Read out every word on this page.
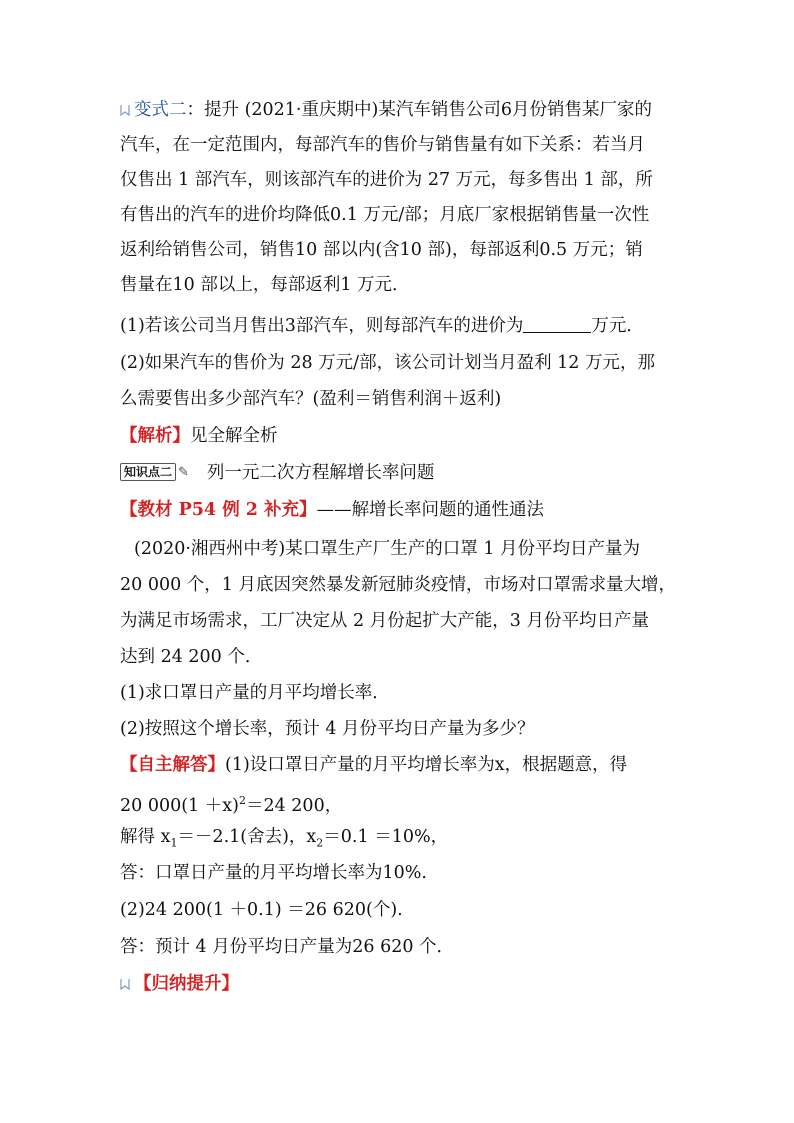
变式二：提升 (2021·重庆期中)某汽车销售公司6月份销售某厂家的
汽车，在一定范围内，每部汽车的售价与销售量有如下关系：若当月
仅售出 1 部汽车，则该部汽车的进价为 27 万元，每多售出 1 部，所
有售出的汽车的进价均降低0.1 万元/部；月底厂家根据销售量一次性
返利给销售公司，销售10 部以内(含10 部)，每部返利0.5 万元；销
售量在10 部以上，每部返利1 万元．
(1)若该公司当月售出3部汽车，则每部汽车的进价为	万元．
(2)如果汽车的售价为 28 万元/部，该公司计划当月盈利 12 万元，那
么需要售出多少部汽车？(盈利＝销售利润＋返利)
【解析】见全解全析
知识点二 ✎ 列一元二次方程解增长率问题
【教材 P54 例 2 补充】——解增长率问题的通性通法
(2020·湘西州中考)某口罩生产厂生产的口罩 1 月份平均日产量为
20 000 个，1 月底因突然暴发新冠肺炎疫情，市场对口罩需求量大增，
为满足市场需求，工厂决定从 2 月份起扩大产能，3 月份平均日产量
达到 24 200 个．
(1)求口罩日产量的月平均增长率．
(2)按照这个增长率，预计 4 月份平均日产量为多少？
【自主解答】(1)设口罩日产量的月平均增长率为x，根据题意，得
20 $000(1 +x)^2=24$ 200，
解得 $x_1=-2.1$(舍去)，$x_2=0.1 =10\%$，
答：口罩日产量的月平均增长率为10%.
(2)24 200(1 ＋0.1) ＝26 620(个).
答：预计 4 月份平均日产量为26 620 个．
【归纳提升】
